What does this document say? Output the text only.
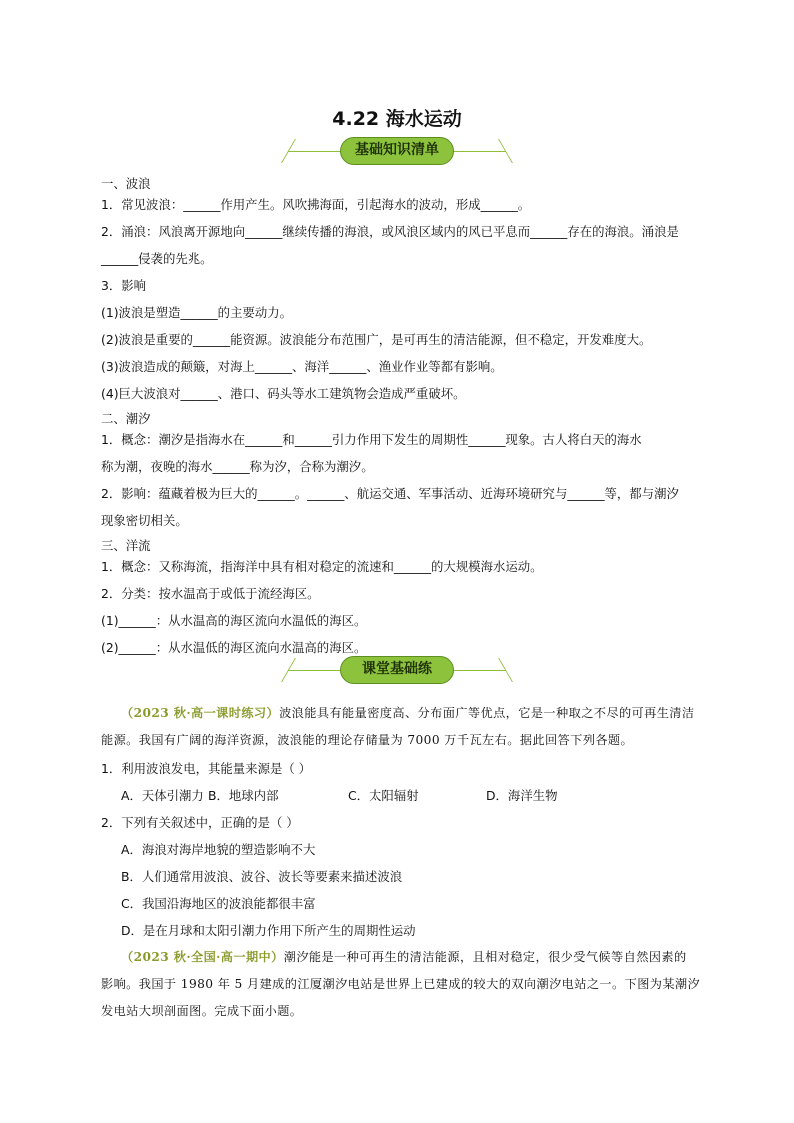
4.22 海水运动
基础知识清单
一、波浪
1．常见波浪：______作用产生。风吹拂海面，引起海水的波动，形成______。
2．涌浪：风浪离开源地向______继续传播的海浪，或风浪区域内的风已平息而______存在的海浪。涌浪是
______侵袭的先兆。
3．影响
(1)波浪是塑造______的主要动力。
(2)波浪是重要的______能资源。波浪能分布范围广，是可再生的清洁能源，但不稳定，开发难度大。
(3)波浪造成的颠簸，对海上______、海洋______、渔业作业等都有影响。
(4)巨大波浪对______、港口、码头等水工建筑物会造成严重破坏。
二、潮汐
1．概念：潮汐是指海水在______和______引力作用下发生的周期性______现象。古人将白天的海水
称为潮，夜晚的海水______称为汐，合称为潮汐。
2．影响：蕴藏着极为巨大的______。______、航运交通、军事活动、近海环境研究与______等，都与潮汐
现象密切相关。
三、洋流
1．概念：又称海流，指海洋中具有相对稳定的流速和______的大规模海水运动。
2．分类：按水温高于或低于流经海区。
(1)______：从水温高的海区流向水温低的海区。
(2)______：从水温低的海区流向水温高的海区。
课堂基础练
（2023 秋·高一课时练习）波浪能具有能量密度高、分布面广等优点，它是一种取之不尽的可再生清洁
能源。我国有广阔的海洋资源，波浪能的理论存储量为 7000 万千瓦左右。据此回答下列各题。
1．利用波浪发电，其能量来源是（ ）
A．天体引潮力 B．地球内部	C．太阳辐射	D．海洋生物
2．下列有关叙述中，正确的是（ ）
A．海浪对海岸地貌的塑造影响不大
B．人们通常用波浪、波谷、波长等要素来描述波浪
C．我国沿海地区的波浪能都很丰富
D．是在月球和太阳引潮力作用下所产生的周期性运动
（2023 秋·全国·高一期中）潮汐能是一种可再生的清洁能源，且相对稳定，很少受气候等自然因素的
影响。我国于 1980 年 5 月建成的江厦潮汐电站是世界上已建成的较大的双向潮汐电站之一。下图为某潮汐
发电站大坝剖面图。完成下面小题。
